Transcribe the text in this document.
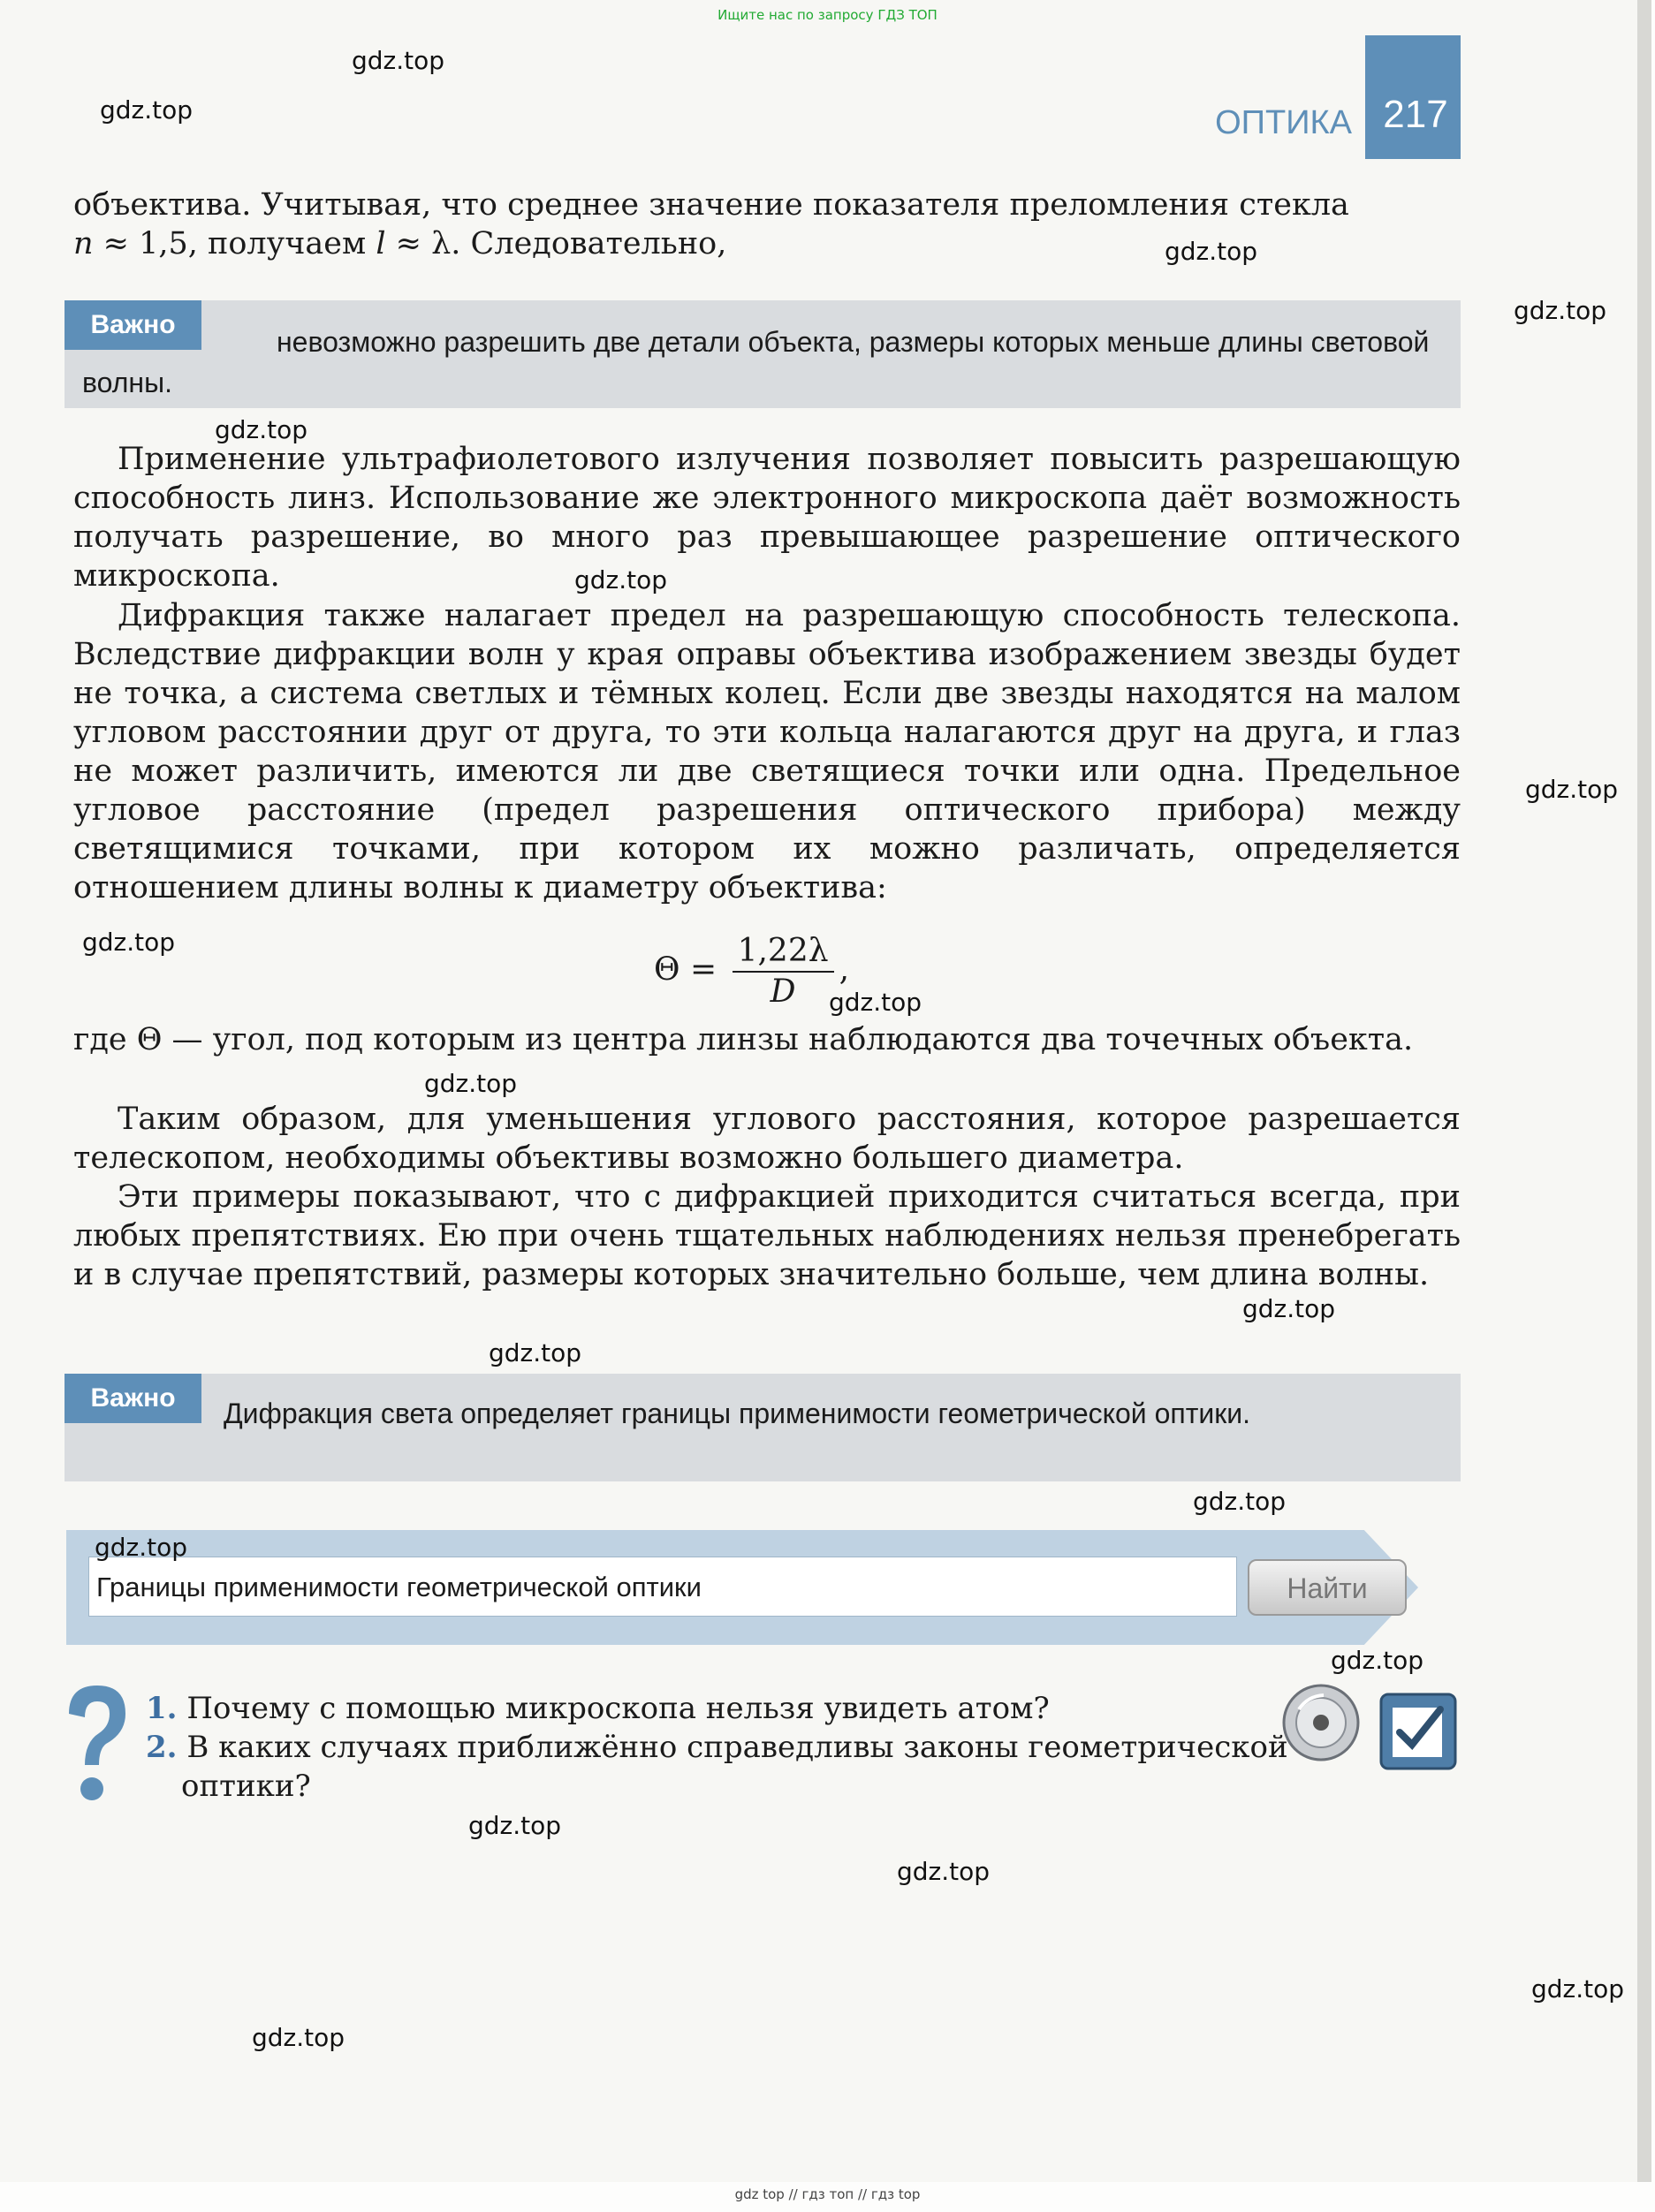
Ищите нас по запросу ГДЗ ТОП
ОПТИКА 217
объектива. Учитывая, что среднее значение показателя преломления стекла
n ≈ 1,5, получаем l ≈ λ. Следовательно,
Важно
невозможно разрешить две детали объекта, размеры которых меньше длины световой волны.
Применение ультрафиолетового излучения позволяет повысить разрешающую способность линз. Использование же электронного микроскопа даёт возможность получать разрешение, во много раз превышающее разрешение оптического микроскопа.
Дифракция также налагает предел на разрешающую способность телескопа. Вследствие дифракции волн у края оправы объектива изображением звезды будет не точка, а система светлых и тёмных колец. Если две звезды находятся на малом угловом расстоянии друг от друга, то эти кольца налагаются друг на друга, и глаз не может различить, имеются ли две светящиеся точки или одна. Предельное угловое расстояние (предел разрешения оптического прибора) между светящимися точками, при котором их можно различать, определяется отношением длины волны к диаметру объектива:
$\Theta = \frac{1,22\lambda}{D}$ ,
где Θ — угол, под которым из центра линзы наблюдаются два точечных объекта.
Таким образом, для уменьшения углового расстояния, которое разрешается телескопом, необходимы объективы возможно большего диаметра.
Эти примеры показывают, что с дифракцией приходится считаться всегда, при любых препятствиях. Ею при очень тщательных наблюдениях нельзя пренебрегать и в случае препятствий, размеры которых значительно больше, чем длина волны.
Важно	Дифракция света определяет границы применимости геометрической оптики.
Границы применимости геометрической оптики	Найти
1. Почему с помощью микроскопа нельзя увидеть атом?
2. В каких случаях приближённо справедливы законы геометрической оптики?
gdz.top
gdz.top
gdz.top
gdz.top
gdz.top
gdz.top
gdz.top
gdz.top
gdz.top
gdz.top
gdz.top
gdz.top
gdz.top
gdz.top
gdz.top
gdz.top
gdz.top
gdz.top
gdz.top
gdz top // гдз топ // гдз top
